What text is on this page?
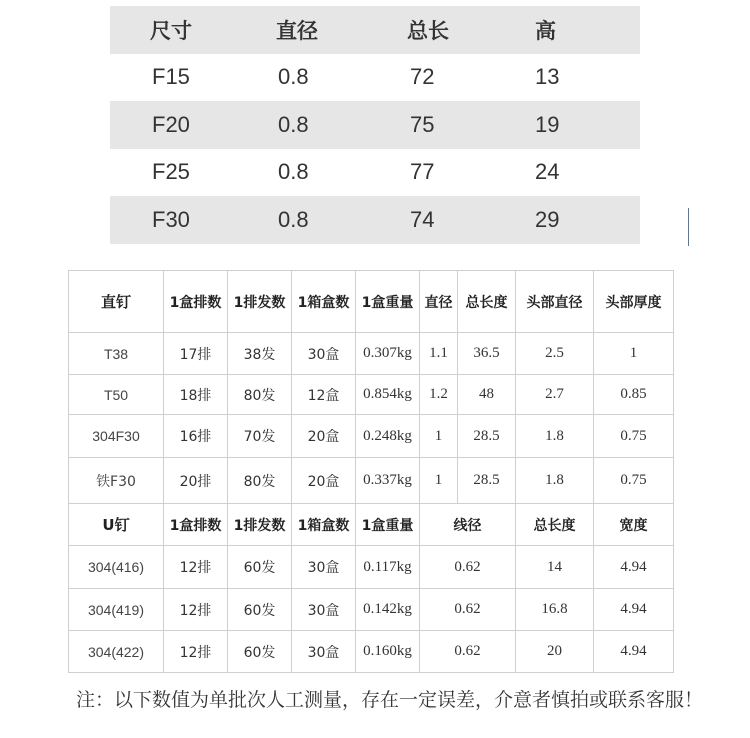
尺寸	直径	总长	高
F15	0.8	72	13
F20	0.8	75	19
F25	0.8	77	24
F30	0.8	74	29
直钉	1盒排数	1排发数	1箱盒数	1盒重量	直径	总长度	头部直径	头部厚度
T38	17排	38发	30盒	0.307kg	1.1	36.5	2.5	1
T50	18排	80发	12盒	0.854kg	1.2	48	2.7	0.85
304F30	16排	70发	20盒	0.248kg	1	28.5	1.8	0.75
铁F30	20排	80发	20盒	0.337kg	1	28.5	1.8	0.75
U钉	1盒排数	1排发数	1箱盒数	1盒重量	线径		总长度	宽度
304(416)	12排	60发	30盒	0.117kg	0.62		14	4.94
304(419)	12排	60发	30盒	0.142kg	0.62		16.8	4.94
304(422)	12排	60发	30盒	0.160kg	0.62		20	4.94
注：以下数值为单批次人工测量，存在一定误差，介意者慎拍或联系客服！
